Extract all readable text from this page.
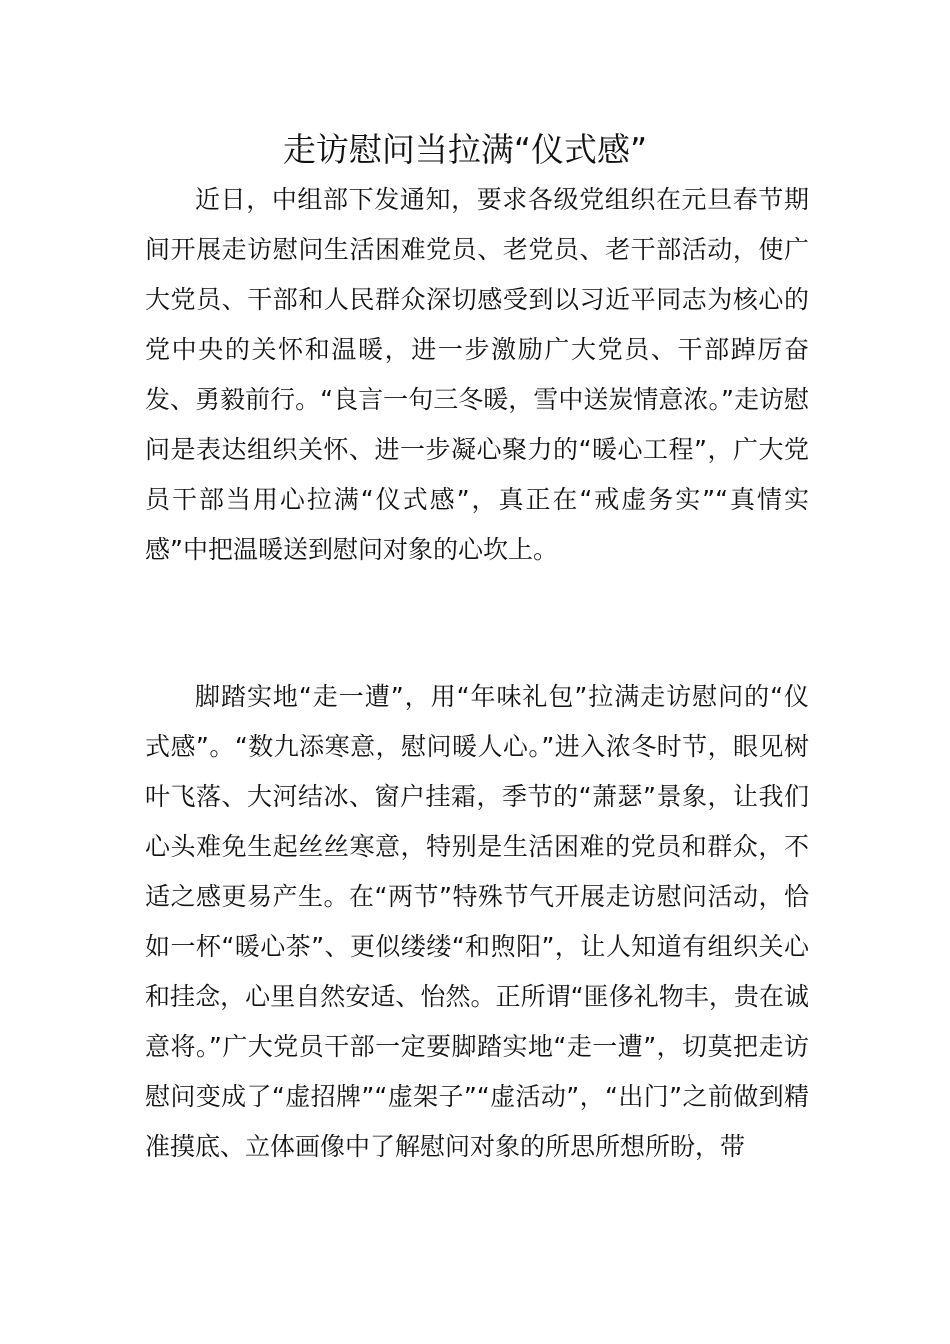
走访慰问当拉满“仪式感”

近日，中组部下发通知，要求各级党组织在元旦春节期间开展走访慰问生活困难党员、老党员、老干部活动，使广大党员、干部和人民群众深切感受到以习近平同志为核心的党中央的关怀和温暖，进一步激励广大党员、干部踔厉奋发、勇毅前行。“良言一句三冬暖，雪中送炭情意浓。”走访慰问是表达组织关怀、进一步凝心聚力的“暖心工程”，广大党员干部当用心拉满“仪式感”，真正在“戒虚务实”“真情实感”中把温暖送到慰问对象的心坎上。

脚踏实地“走一遭”，用“年味礼包”拉满走访慰问的“仪式感”。“数九添寒意，慰问暖人心。”进入浓冬时节，眼见树叶飞落、大河结冰、窗户挂霜，季节的“萧瑟”景象，让我们心头难免生起丝丝寒意，特别是生活困难的党员和群众，不适之感更易产生。在“两节”特殊节气开展走访慰问活动，恰如一杯“暖心茶”、更似缕缕“和煦阳”，让人知道有组织关心和挂念，心里自然安适、怡然。正所谓“匪侈礼物丰，贵在诚意将。”广大党员干部一定要脚踏实地“走一遭”，切莫把走访慰问变成了“虚招牌”“虚架子”“虚活动”，“出门”之前做到精准摸底、立体画像中了解慰问对象的所思所想所盼，带
